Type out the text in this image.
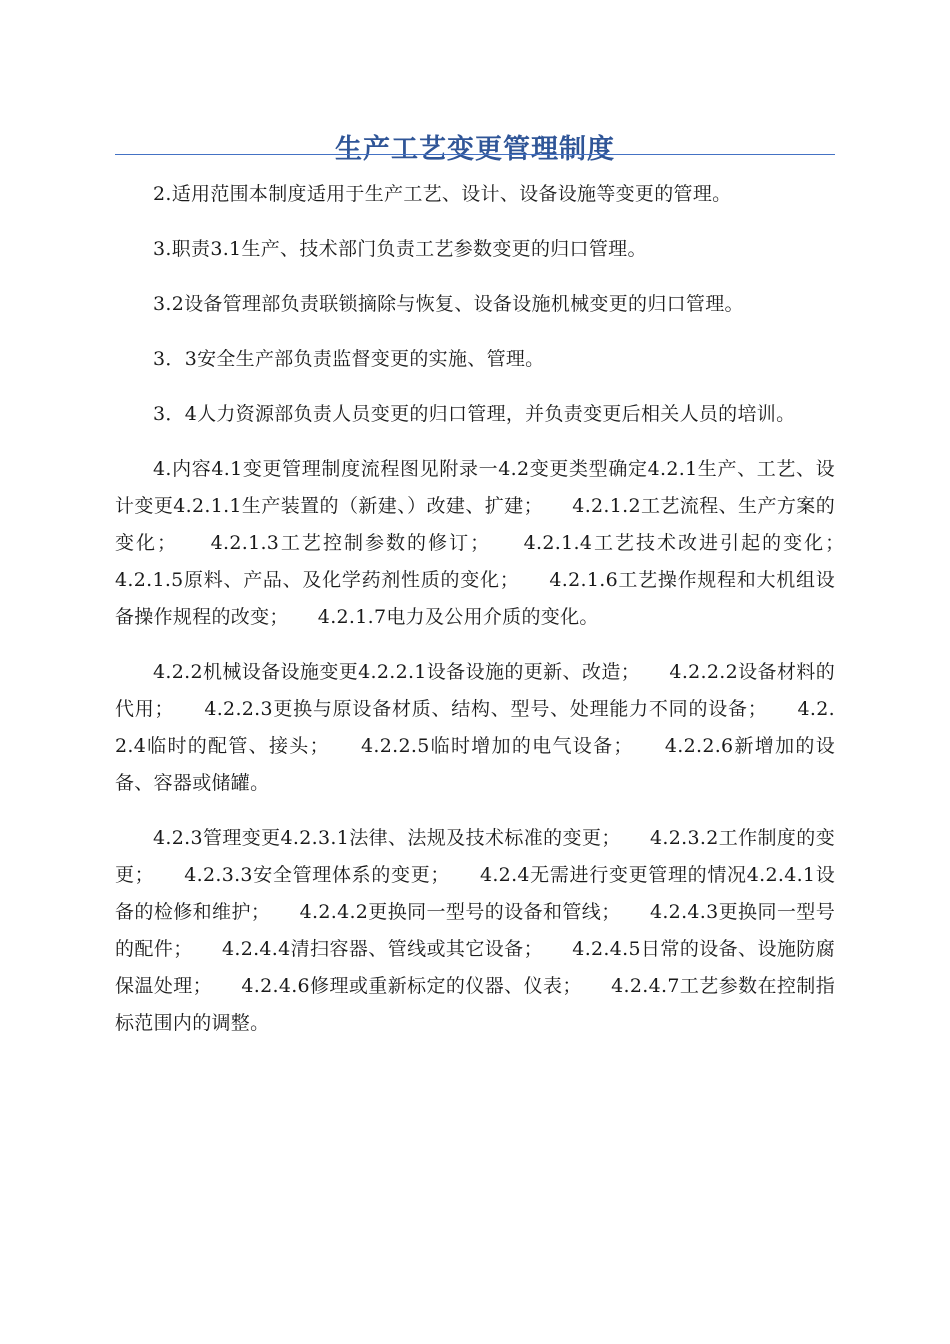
生产工艺变更管理制度

2.适用范围本制度适用于生产工艺、设计、设备设施等变更的管理。

3.职责3.1生产、技术部门负责工艺参数变更的归口管理。

3.2设备管理部负责联锁摘除与恢复、设备设施机械变更的归口管理。

3．3安全生产部负责监督变更的实施、管理。

3．4人力资源部负责人员变更的归口管理，并负责变更后相关人员的培训。

4.内容4.1变更管理制度流程图见附录一4.2变更类型确定4.2.1生产、工艺、设计变更4.2.1.1生产装置的（新建、）改建、扩建；　　4.2.1.2工艺流程、生产方案的变化；　　4.2.1.3工艺控制参数的修订；　　4.2.1.4工艺技术改进引起的变化；　　4.2.1.5原料、产品、及化学药剂性质的变化；　　4.2.1.6工艺操作规程和大机组设备操作规程的改变；　　4.2.1.7电力及公用介质的变化。

4.2.2机械设备设施变更4.2.2.1设备设施的更新、改造；　　4.2.2.2设备材料的代用；　　4.2.2.3更换与原设备材质、结构、型号、处理能力不同的设备；　　4.2.2.4临时的配管、接头；　　4.2.2.5临时增加的电气设备；　　4.2.2.6新增加的设备、容器或储罐。

4.2.3管理变更4.2.3.1法律、法规及技术标准的变更；　　4.2.3.2工作制度的变更；　　4.2.3.3安全管理体系的变更；　　4.2.4无需进行变更管理的情况4.2.4.1设备的检修和维护；　　4.2.4.2更换同一型号的设备和管线；　　4.2.4.3更换同一型号的配件；　　4.2.4.4清扫容器、管线或其它设备；　　4.2.4.5日常的设备、设施防腐保温处理；　　4.2.4.6修理或重新标定的仪器、仪表；　　4.2.4.7工艺参数在控制指标范围内的调整。
